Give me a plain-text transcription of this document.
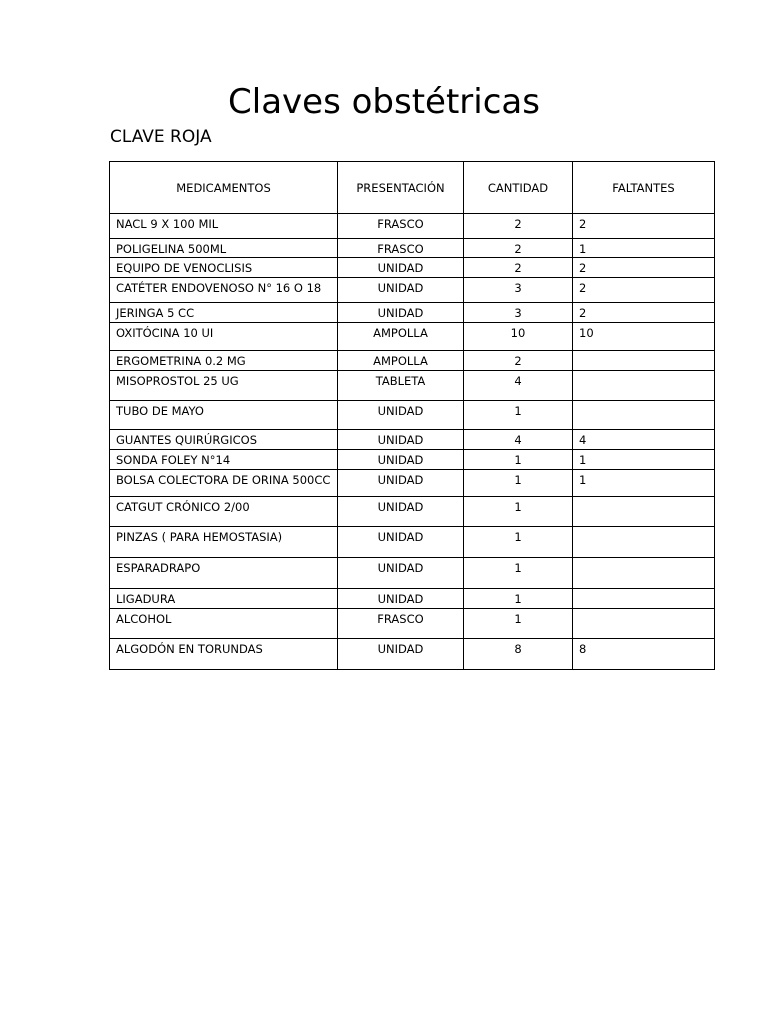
Claves obstétricas
CLAVE ROJA
MEDICAMENTOS	PRESENTACIÓN	CANTIDAD	FALTANTES
NACL 9 X 100 MIL	FRASCO	2	2
POLIGELINA 500ML	FRASCO	2	1
EQUIPO DE VENOCLISIS	UNIDAD	2	2
CATÉTER ENDOVENOSO N° 16 O 18	UNIDAD	3	2
JERINGA 5 CC	UNIDAD	3	2
OXITÓCINA 10 UI	AMPOLLA	10	10
ERGOMETRINA 0.2 MG	AMPOLLA	2	
MISOPROSTOL 25 UG	TABLETA	4	
TUBO DE MAYO	UNIDAD	1	
GUANTES QUIRÚRGICOS	UNIDAD	4	4
SONDA FOLEY N°14	UNIDAD	1	1
BOLSA COLECTORA DE ORINA 500CC	UNIDAD	1	1
CATGUT CRÓNICO 2/00	UNIDAD	1	
PINZAS ( PARA HEMOSTASIA)	UNIDAD	1	
ESPARADRAPO	UNIDAD	1	
LIGADURA	UNIDAD	1	
ALCOHOL	FRASCO	1	
ALGODÓN EN TORUNDAS	UNIDAD	8	8
